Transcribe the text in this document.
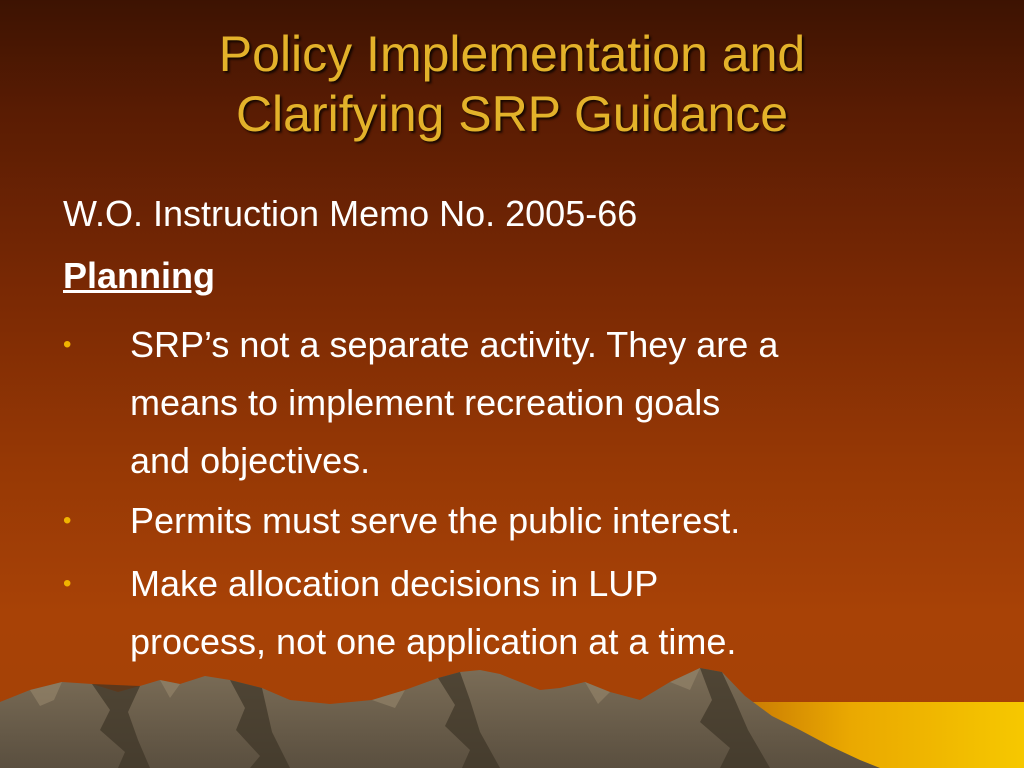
Policy Implementation and
Clarifying SRP Guidance
W.O. Instruction Memo No. 2005-66
Planning
• SRP’s not a separate activity. They are a
means to implement recreation goals
and objectives.
• Permits must serve the public interest.
• Make allocation decisions in LUP
process, not one application at a time.
